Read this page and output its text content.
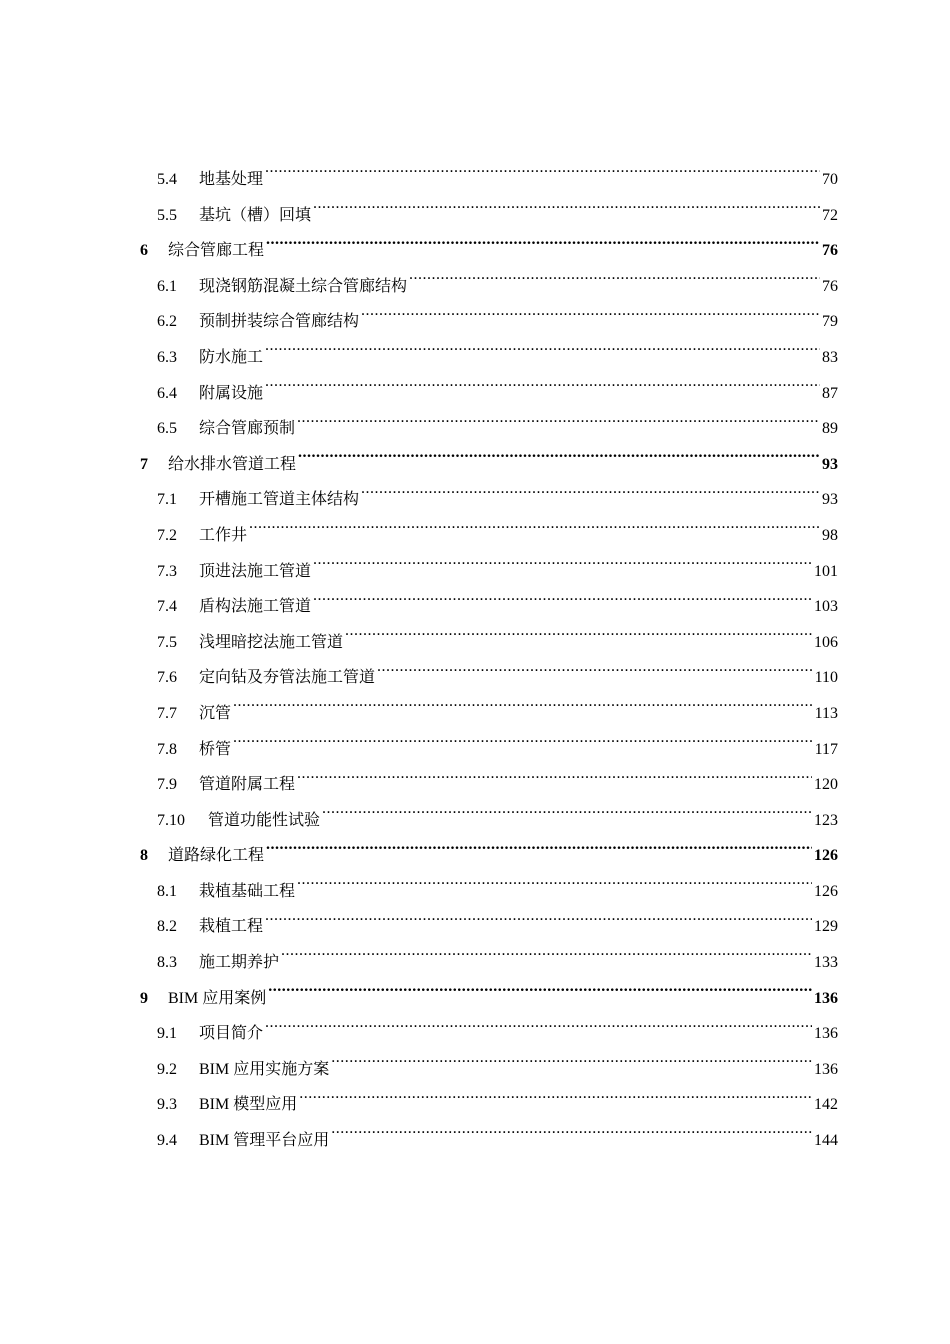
5.4	地基处理 .....	70
5.5	基坑（槽）回填 .....	72
6	综合管廊工程 .....	76
6.1	现浇钢筋混凝土综合管廊结构 .....	76
6.2	预制拼装综合管廊结构 .....	79
6.3	防水施工 .....	83
6.4	附属设施 .....	87
6.5	综合管廊预制 .....	89
7	给水排水管道工程 .....	93
7.1	开槽施工管道主体结构 .....	93
7.2	工作井 .....	98
7.3	顶进法施工管道 .....	101
7.4	盾构法施工管道 .....	103
7.5	浅埋暗挖法施工管道 .....	106
7.6	定向钻及夯管法施工管道 .....	110
7.7	沉管 .....	113
7.8	桥管 .....	117
7.9	管道附属工程 .....	120
7.10	管道功能性试验 .....	123
8	道路绿化工程 .....	126
8.1	栽植基础工程 .....	126
8.2	栽植工程 .....	129
8.3	施工期养护 .....	133
9	BIM 应用案例 .....	136
9.1	项目简介 .....	136
9.2	BIM 应用实施方案 .....	136
9.3	BIM 模型应用 .....	142
9.4	BIM 管理平台应用 .....	144
